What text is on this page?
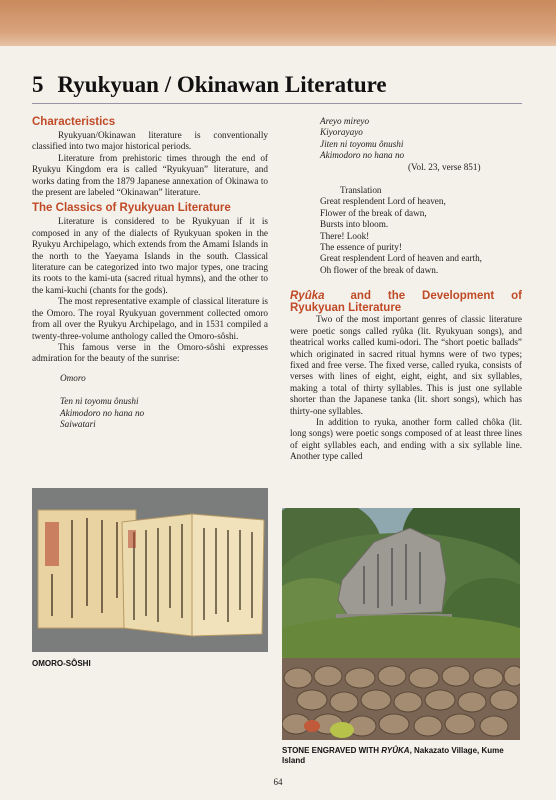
5 Ryukyuan / Okinawan Literature
Characteristics

Ryukyuan/Okinawan literature is conventionally classified into two major historical periods.

Literature from prehistoric times through the end of Ryukyu Kingdom era is called “Ryukyuan” literature, and works dating from the 1879 Japanese annexation of Okinawa to the present are labeled “Okinawan” literature.

The Classics of Ryukyuan Literature

Literature is considered to be Ryukyuan if it is composed in any of the dialects of Ryukyuan spoken in the Ryukyu Archipelago, which extends from the Amami Islands in the north to the Yaeyama Islands in the south. Classical literature can be categorized into two major types, one tracing its roots to the kami-uta (sacred ritual hymns), and the other to the kami-kuchi (chants for the gods).

The most representative example of classical literature is the Omoro. The royal Ryukyuan government collected omoro from all over the Ryukyu Archipelago, and in 1531 compiled a twenty-three-volume anthology called the Omoro-sôshi.

This famous verse in the Omoro-sôshi expresses admiration for the beauty of the sunrise:

Omoro
Ten ni toyomu ônushi
Akimodoro no hana no
Saiwatari
Areyo mireyo
Kiyorayayo
Jiten ni toyomu ônushi
Akimodoro no hana no
(Vol. 23, verse 851)
Translation
Great resplendent Lord of heaven,
Flower of the break of dawn,
Bursts into bloom.
There! Look!
The essence of purity!
Great resplendent Lord of heaven and earth,
Oh flower of the break of dawn.
Ryûka and the Development of
Ryukyuan Literature

Two of the most important genres of classic literature were poetic songs called ryûka (lit. Ryukyuan songs), and theatrical works called kumi-odori. The “short poetic ballads” which originated in sacred ritual hymns were of two types; fixed and free verse. The fixed verse, called ryuka, consists of verses with lines of eight, eight, eight, and six syllables, making a total of thirty syllables. This is just one syllable shorter than the Japanese tanka (lit. short songs), which has thirty-one syllables.

In addition to ryuka, another form called chôka (lit. long songs) were poetic songs composed of at least three lines of eight syllables each, and ending with a six syllable line. Another type called

OMORO-SÔSHI
STONE ENGRAVED WITH RYÛKA, Nakazato Village, Kume Island
64
